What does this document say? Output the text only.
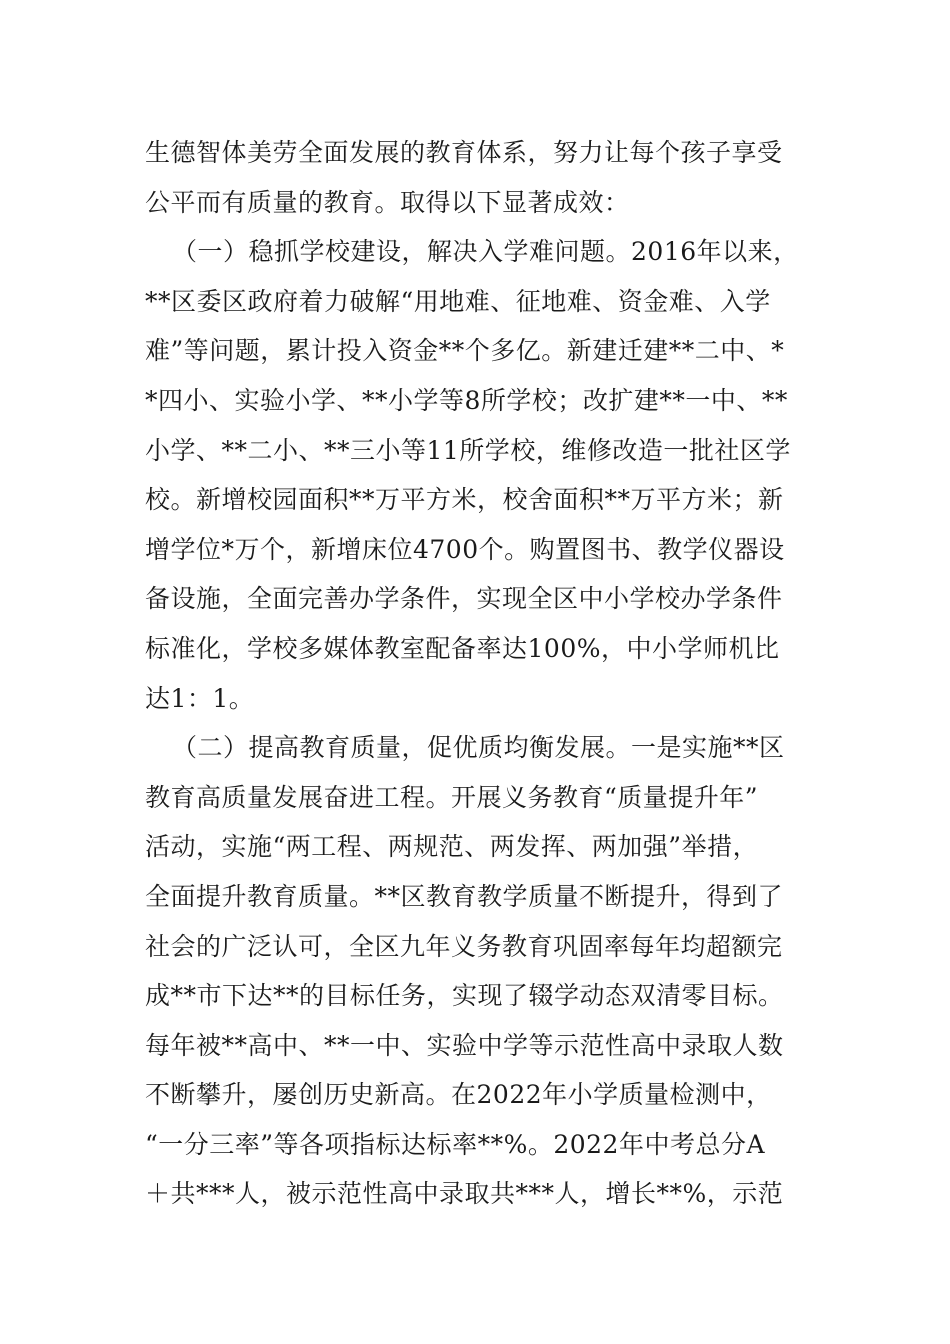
生德智体美劳全面发展的教育体系，努力让每个孩子享受
公平而有质量的教育。取得以下显著成效：
（一）稳抓学校建设，解决入学难问题。2016年以来，
**区委区政府着力破解“用地难、征地难、资金难、入学
难”等问题，累计投入资金**个多亿。新建迁建**二中、*
*四小、实验小学、**小学等8所学校；改扩建**一中、**
小学、**二小、**三小等11所学校，维修改造一批社区学
校。新增校园面积**万平方米，校舍面积**万平方米；新
增学位*万个，新增床位4700个。购置图书、教学仪器设
备设施，全面完善办学条件，实现全区中小学校办学条件
标准化，学校多媒体教室配备率达100%，中小学师机比
达1：1。
（二）提高教育质量，促优质均衡发展。一是实施**区
教育高质量发展奋进工程。开展义务教育“质量提升年”
活动，实施“两工程、两规范、两发挥、两加强”举措，
全面提升教育质量。**区教育教学质量不断提升，得到了
社会的广泛认可，全区九年义务教育巩固率每年均超额完
成**市下达**的目标任务，实现了辍学动态双清零目标。
每年被**高中、**一中、实验中学等示范性高中录取人数
不断攀升，屡创历史新高。在2022年小学质量检测中，
“一分三率”等各项指标达标率**%。2022年中考总分A
＋共***人，被示范性高中录取共***人，增长**%，示范
